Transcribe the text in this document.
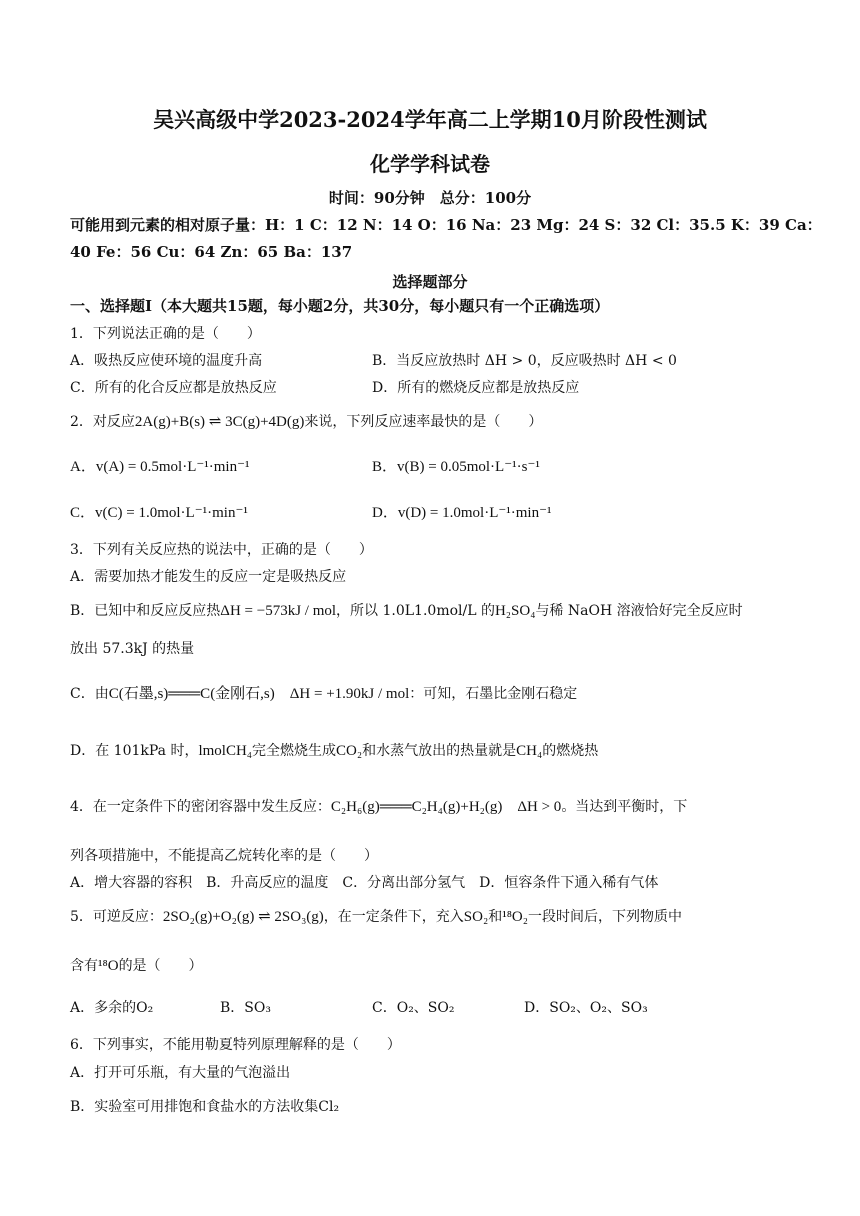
吴兴高级中学2023-2024学年高二上学期10月阶段性测试
化学学科试卷
时间：90分钟　总分：100分
可能用到元素的相对原子量：H：1 C：12 N：14 O：16 Na：23 Mg：24 S：32 Cl：35.5 K：39 Ca：
40 Fe：56 Cu：64 Zn：65 Ba：137
选择题部分
一、选择题Ⅰ（本大题共15题，每小题2分，共30分，每小题只有一个正确选项）
1．下列说法正确的是（　　）
A．吸热反应使环境的温度升高	B．当反应放热时 ΔH > 0，反应吸热时 ΔH < 0
C．所有的化合反应都是放热反应	D．所有的燃烧反应都是放热反应
2．对反应2A(g)+B(s) ⇌ 3C(g)+4D(g)来说，下列反应速率最快的是（　　）
A．v(A) = 0.5mol·L⁻¹·min⁻¹	B．v(B) = 0.05mol·L⁻¹·s⁻¹
C．v(C) = 1.0mol·L⁻¹·min⁻¹	D．v(D) = 1.0mol·L⁻¹·min⁻¹
3．下列有关反应热的说法中，正确的是（　　）
A．需要加热才能发生的反应一定是吸热反应
B．已知中和反应反应热ΔH = −573kJ / mol，所以 1.0L1.0mol/L 的H₂SO₄与稀 NaOH 溶液恰好完全反应时
放出 57.3kJ 的热量
C．由C(石墨,s)═══C(金刚石,s)　ΔH = +1.90kJ / mol：可知，石墨比金刚石稳定
D．在 101kPa 时，lmolCH₄完全燃烧生成CO₂和水蒸气放出的热量就是CH₄的燃烧热
4．在一定条件下的密闭容器中发生反应：C₂H₆(g)═══C₂H₄(g)+H₂(g)　ΔH > 0。当达到平衡时，下
列各项措施中，不能提高乙烷转化率的是（　　）
A．增大容器的容积　B．升高反应的温度　C．分离出部分氢气　D．恒容条件下通入稀有气体
5．可逆反应：2SO₂(g)+O₂(g) ⇌ 2SO₃(g)，在一定条件下，充入SO₂和¹⁸O₂一段时间后，下列物质中
含有¹⁸O的是（　　）
A．多余的O₂	B．SO₃	C．O₂、SO₂	D．SO₂、O₂、SO₃
6．下列事实，不能用勒夏特列原理解释的是（　　）
A．打开可乐瓶，有大量的气泡溢出
B．实验室可用排饱和食盐水的方法收集Cl₂
